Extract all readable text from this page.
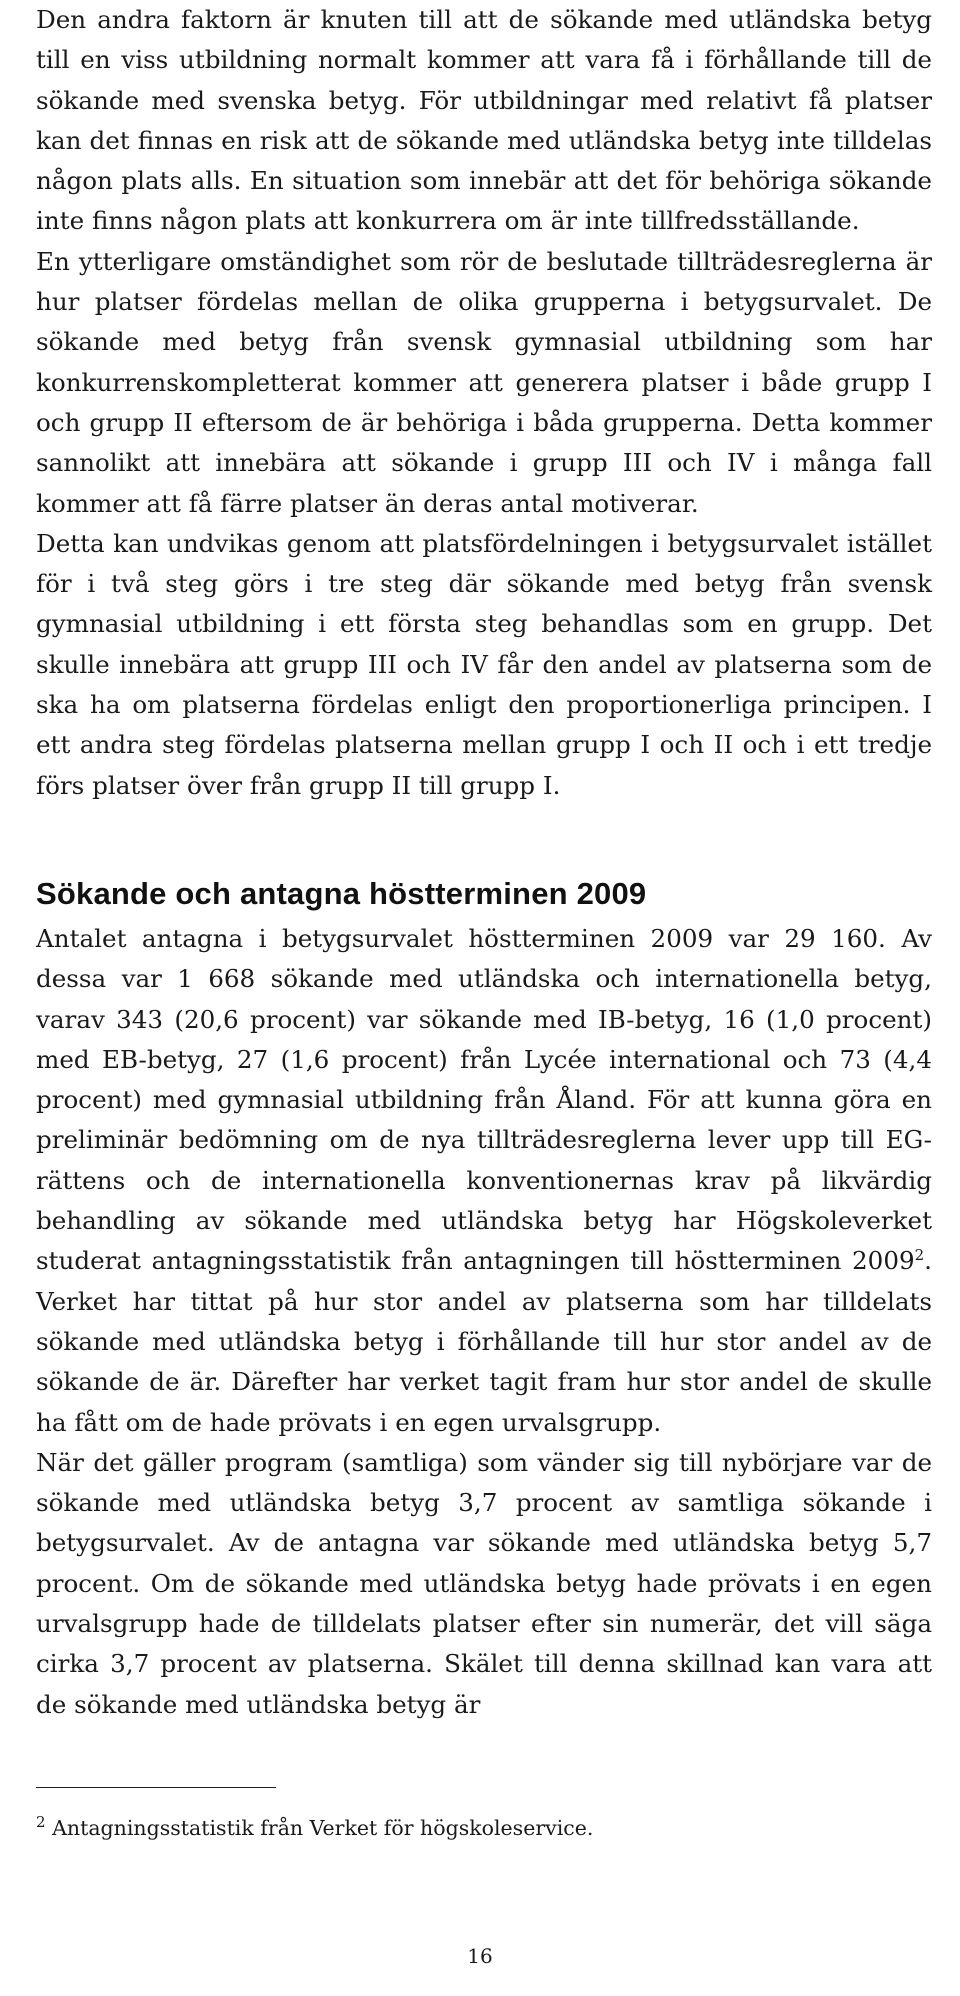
Den andra faktorn är knuten till att de sökande med utländska betyg till en viss utbildning normalt kommer att vara få i förhållande till de sökande med svenska betyg. För utbildningar med relativt få platser kan det finnas en risk att de sökande med utländska betyg inte tilldelas någon plats alls. En situation som innebär att det för behöriga sökande inte finns någon plats att konkurrera om är inte tillfredsställande.

En ytterligare omständighet som rör de beslutade tillträdesreglerna är hur platser fördelas mellan de olika grupperna i betygsurvalet. De sökande med betyg från svensk gymnasial utbildning som har konkurrenskompletterat kommer att generera platser i både grupp I och grupp II eftersom de är behöriga i båda grupperna. Detta kommer sannolikt att innebära att sökande i grupp III och IV i många fall kommer att få färre platser än deras antal motiverar.

Detta kan undvikas genom att platsfördelningen i betygsurvalet istället för i två steg görs i tre steg där sökande med betyg från svensk gymnasial utbildning i ett första steg behandlas som en grupp. Det skulle innebära att grupp III och IV får den andel av platserna som de ska ha om platserna fördelas enligt den proportionerliga principen. I ett andra steg fördelas platserna mellan grupp I och II och i ett tredje förs platser över från grupp II till grupp I.

Sökande och antagna höstterminen 2009

Antalet antagna i betygsurvalet höstterminen 2009 var 29 160. Av dessa var 1 668 sökande med utländska och internationella betyg, varav 343 (20,6 procent) var sökande med IB-betyg, 16 (1,0 procent) med EB-betyg, 27 (1,6 procent) från Lycée international och 73 (4,4 procent) med gymnasial utbildning från Åland. För att kunna göra en preliminär bedömning om de nya tillträdesreglerna lever upp till EG-rättens och de internationella konventionernas krav på likvärdig behandling av sökande med utländska betyg har Högskoleverket studerat antagningsstatistik från antagningen till höstterminen 2009$^2$. Verket har tittat på hur stor andel av platserna som har tilldelats sökande med utländska betyg i förhållande till hur stor andel av de sökande de är. Därefter har verket tagit fram hur stor andel de skulle ha fått om de hade prövats i en egen urvalsgrupp.

När det gäller program (samtliga) som vänder sig till nybörjare var de sökande med utländska betyg 3,7 procent av samtliga sökande i betygsurvalet. Av de antagna var sökande med utländska betyg 5,7 procent. Om de sökande med utländska betyg hade prövats i en egen urvalsgrupp hade de tilldelats platser efter sin numerär, det vill säga cirka 3,7 procent av platserna. Skälet till denna skillnad kan vara att de sökande med utländska betyg är

$^2$ Antagningsstatistik från Verket för högskoleservice.

16
